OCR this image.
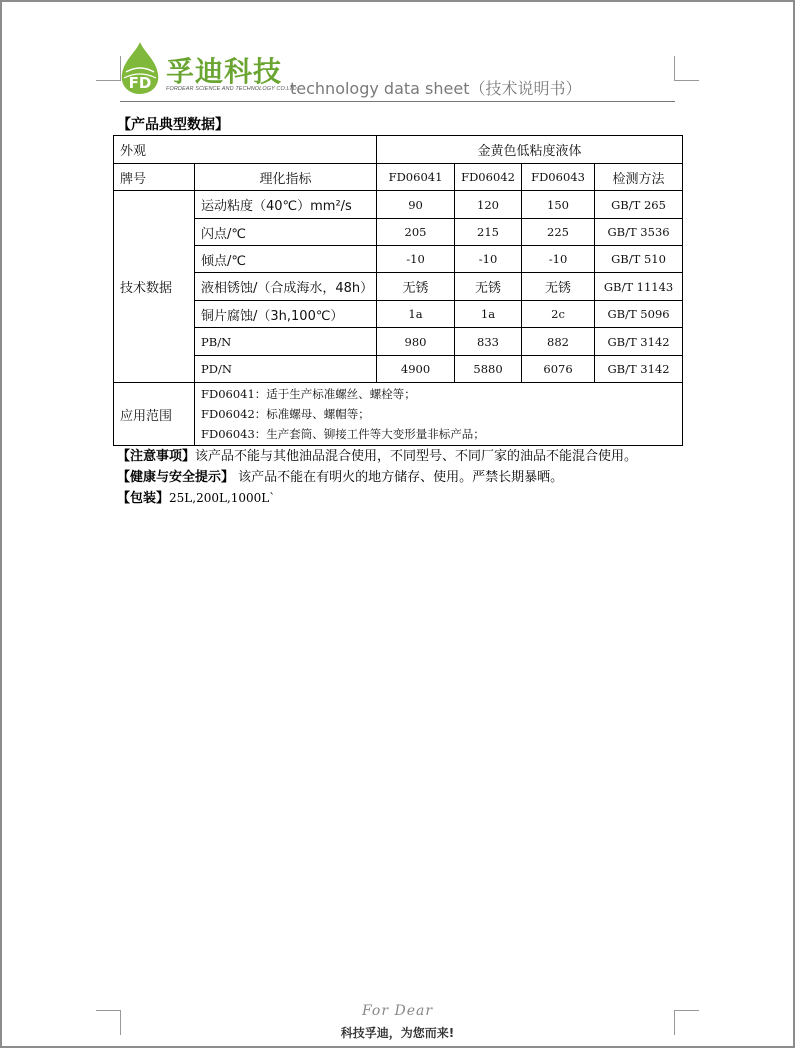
FD 孚迪科技
FORDEAR SCIENCE AND TECHNOLOGY CO.LTD
technology data sheet（技术说明书）
【产品典型数据】
外观		金黄色低粘度液体			
牌号	理化指标	FD06041	FD06042	FD06043	检测方法
技术数据	运动粘度（40℃）mm²/s	90	120	150	GB/T 265
	闪点/℃	205	215	225	GB/T 3536
	倾点/℃	-10	-10	-10	GB/T 510
	液相锈蚀/（合成海水，48h）	无锈	无锈	无锈	GB/T 11143
	铜片腐蚀/（3h,100℃）	1a	1a	2c	GB/T 5096
	PB/N	980	833	882	GB/T 3142
	PD/N	4900	5880	6076	GB/T 3142
应用范围	FD06041：适于生产标准螺丝、螺栓等；
FD06042：标准螺母、螺帽等；
FD06043：生产套筒、铆接工件等大变形量非标产品；				
【注意事项】该产品不能与其他油品混合使用，不同型号、不同厂家的油品不能混合使用。
【健康与安全提示】 该产品不能在有明火的地方储存、使用。严禁长期暴晒。
【包装】25L,200L,1000L`
For Dear
科技孚迪，为您而来!
